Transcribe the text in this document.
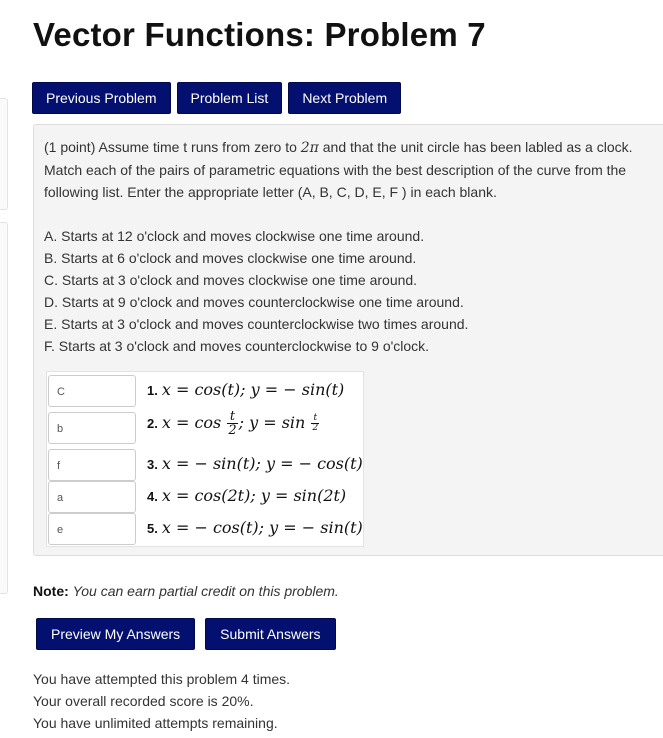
Vector Functions: Problem 7
Previous Problem	Problem List	Next Problem

(1 point) Assume time t runs from zero to 2π and that the unit circle has been labled as a clock.

Match each of the pairs of parametric equations with the best description of the curve from the following list. Enter the appropriate letter (A, B, C, D, E, F ) in each blank.

A. Starts at 12 o'clock and moves clockwise one time around.

B. Starts at 6 o'clock and moves clockwise one time around.

C. Starts at 3 o'clock and moves clockwise one time around.

D. Starts at 9 o'clock and moves counterclockwise one time around.

E. Starts at 3 o'clock and moves counterclockwise two times around.

F. Starts at 3 o'clock and moves counterclockwise to 9 o'clock.

C
1. x = cos(t); y = − sin(t)
b
2. $x = \cos \frac{t}{2}$ ; $y = \sin \frac{t}{2}$
f
3. x = − sin(t); y = − cos(t)
a
4. x = cos(2t); y = sin(2t)
e
5. x = − cos(t); y = − sin(t)
Note: You can earn partial credit on this problem.
Preview My Answers	Submit Answers
You have attempted this problem 4 times.
Your overall recorded score is 20%.
You have unlimited attempts remaining.
